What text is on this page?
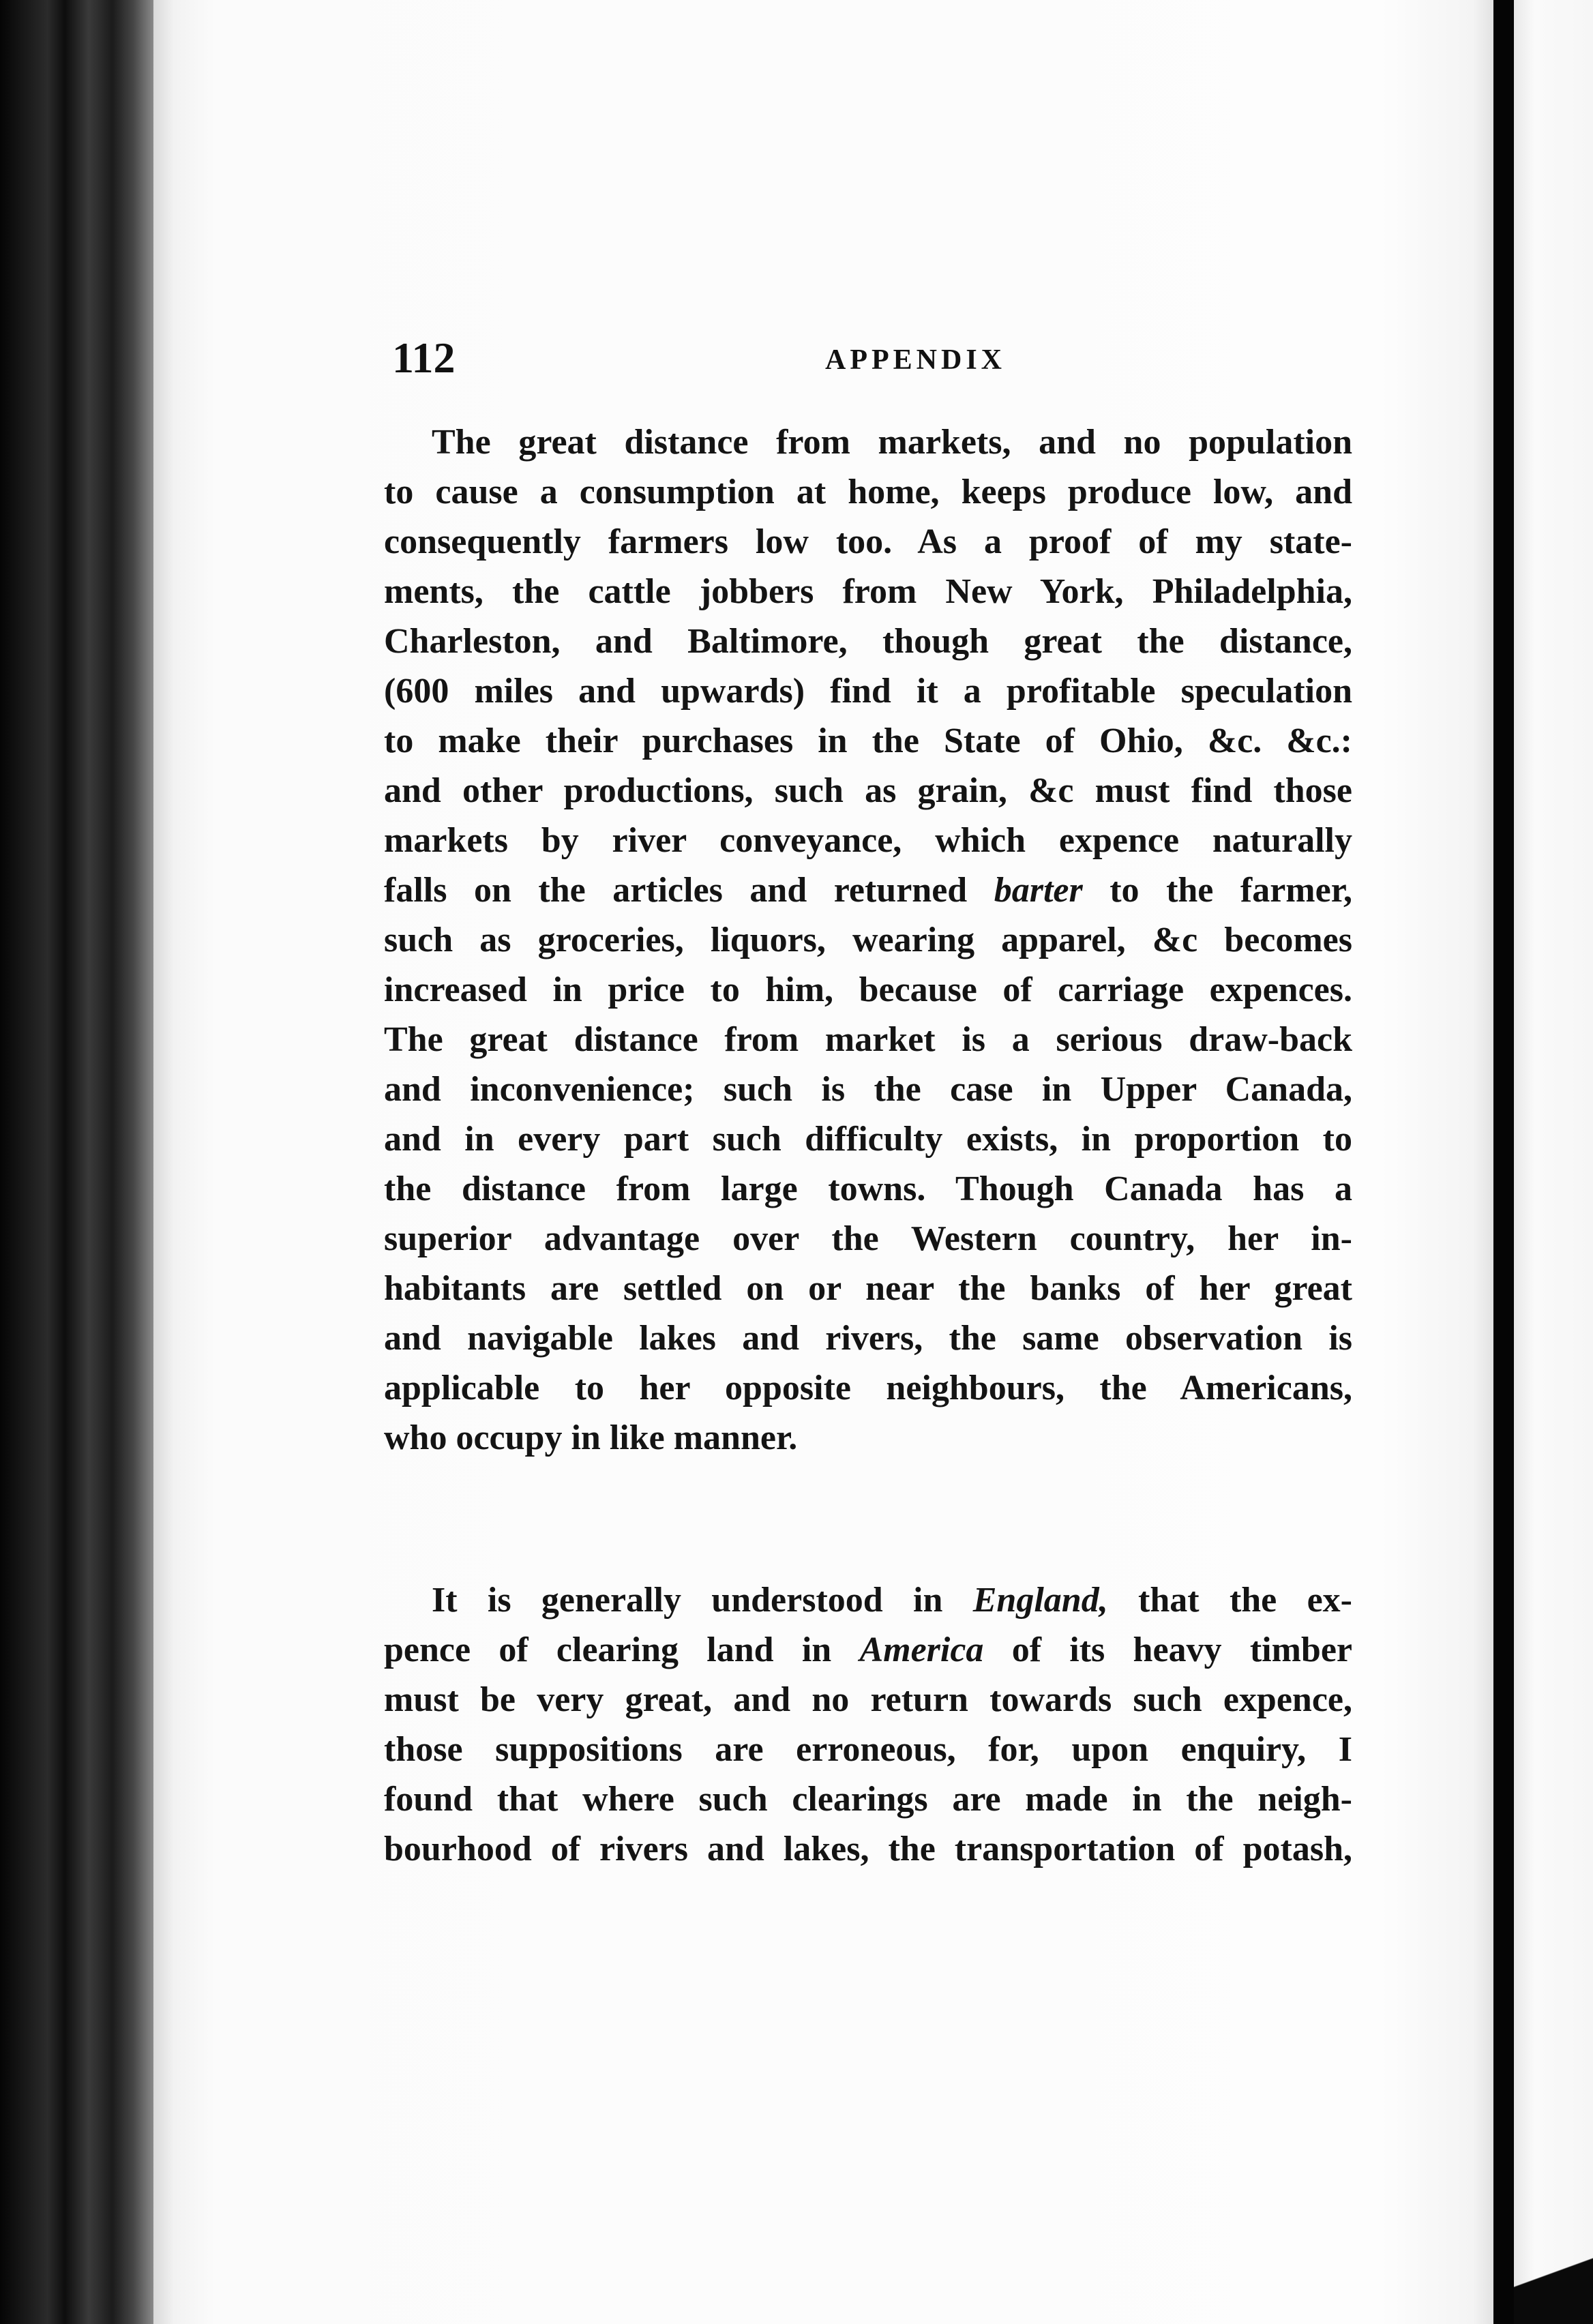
112	APPENDIX
The great distance from markets, and no population
to cause a consumption at home, keeps produce low, and
consequently farmers low too. As a proof of my state-
ments, the cattle jobbers from New York, Philadelphia,
Charleston, and Baltimore, though great the distance,
(600 miles and upwards) find it a profitable speculation
to make their purchases in the State of Ohio, &c. &c.:
and other productions, such as grain, &c must find those
markets by river conveyance, which expence naturally
falls on the articles and returned barter to the farmer,
such as groceries, liquors, wearing apparel, &c becomes
increased in price to him, because of carriage expences.
The great distance from market is a serious draw-back
and inconvenience; such is the case in Upper Canada,
and in every part such difficulty exists, in proportion to
the distance from large towns. Though Canada has a
superior advantage over the Western country, her in-
habitants are settled on or near the banks of her great
and navigable lakes and rivers, the same observation is
applicable to her opposite neighbours, the Americans,
who occupy in like manner.
It is generally understood in England, that the ex-
pence of clearing land in America of its heavy timber
must be very great, and no return towards such expence,
those suppositions are erroneous, for, upon enquiry, I
found that where such clearings are made in the neigh-
bourhood of rivers and lakes, the transportation of potash,
